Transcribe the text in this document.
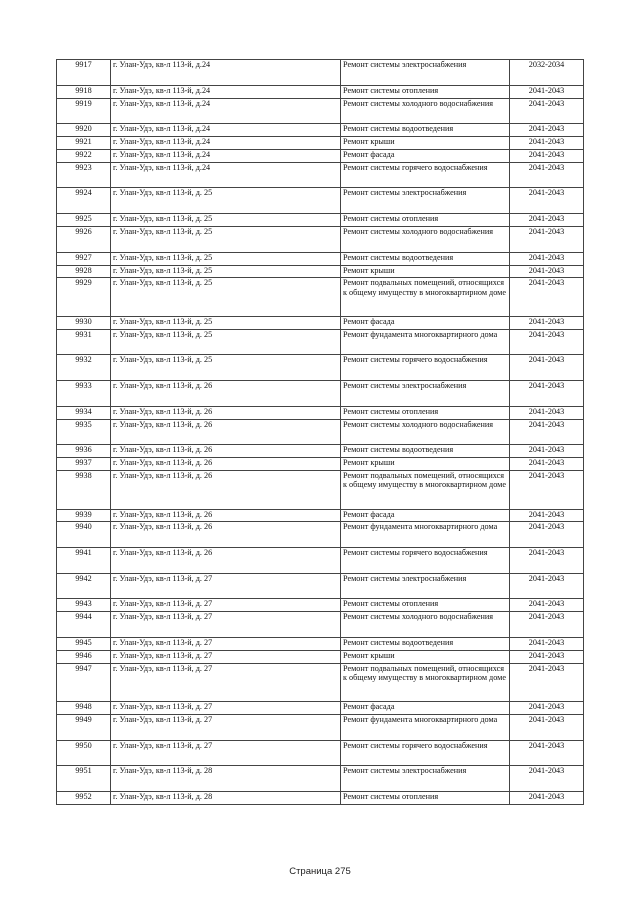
9917	г. Улан-Удэ, кв-л 113-й, д.24	Ремонт системы электроснабжения	2032-2034
9918	г. Улан-Удэ, кв-л 113-й, д.24	Ремонт системы отопления	2041-2043
9919	г. Улан-Удэ, кв-л 113-й, д.24	Ремонт системы холодного водоснабжения	2041-2043
9920	г. Улан-Удэ, кв-л 113-й, д.24	Ремонт системы водоотведения	2041-2043
9921	г. Улан-Удэ, кв-л 113-й, д.24	Ремонт крыши	2041-2043
9922	г. Улан-Удэ, кв-л 113-й, д.24	Ремонт фасада	2041-2043
9923	г. Улан-Удэ, кв-л 113-й, д.24	Ремонт системы горячего водоснабжения	2041-2043
9924	г. Улан-Удэ, кв-л 113-й, д. 25	Ремонт системы электроснабжения	2041-2043
9925	г. Улан-Удэ, кв-л 113-й, д. 25	Ремонт системы отопления	2041-2043
9926	г. Улан-Удэ, кв-л 113-й, д. 25	Ремонт системы холодного водоснабжения	2041-2043
9927	г. Улан-Удэ, кв-л 113-й, д. 25	Ремонт системы водоотведения	2041-2043
9928	г. Улан-Удэ, кв-л 113-й, д. 25	Ремонт крыши	2041-2043
9929	г. Улан-Удэ, кв-л 113-й, д. 25	Ремонт подвальных помещений, относящихся к общему имуществу в многоквартирном доме	2041-2043
9930	г. Улан-Удэ, кв-л 113-й, д. 25	Ремонт фасада	2041-2043
9931	г. Улан-Удэ, кв-л 113-й, д. 25	Ремонт фундамента многоквартирного дома	2041-2043
9932	г. Улан-Удэ, кв-л 113-й, д. 25	Ремонт системы горячего водоснабжения	2041-2043
9933	г. Улан-Удэ, кв-л 113-й, д. 26	Ремонт системы электроснабжения	2041-2043
9934	г. Улан-Удэ, кв-л 113-й, д. 26	Ремонт системы отопления	2041-2043
9935	г. Улан-Удэ, кв-л 113-й, д. 26	Ремонт системы холодного водоснабжения	2041-2043
9936	г. Улан-Удэ, кв-л 113-й, д. 26	Ремонт системы водоотведения	2041-2043
9937	г. Улан-Удэ, кв-л 113-й, д. 26	Ремонт крыши	2041-2043
9938	г. Улан-Удэ, кв-л 113-й, д. 26	Ремонт подвальных помещений, относящихся к общему имуществу в многоквартирном доме	2041-2043
9939	г. Улан-Удэ, кв-л 113-й, д. 26	Ремонт фасада	2041-2043
9940	г. Улан-Удэ, кв-л 113-й, д. 26	Ремонт фундамента многоквартирного дома	2041-2043
9941	г. Улан-Удэ, кв-л 113-й, д. 26	Ремонт системы горячего водоснабжения	2041-2043
9942	г. Улан-Удэ, кв-л 113-й, д. 27	Ремонт системы электроснабжения	2041-2043
9943	г. Улан-Удэ, кв-л 113-й, д. 27	Ремонт системы отопления	2041-2043
9944	г. Улан-Удэ, кв-л 113-й, д. 27	Ремонт системы холодного водоснабжения	2041-2043
9945	г. Улан-Удэ, кв-л 113-й, д. 27	Ремонт системы водоотведения	2041-2043
9946	г. Улан-Удэ, кв-л 113-й, д. 27	Ремонт крыши	2041-2043
9947	г. Улан-Удэ, кв-л 113-й, д. 27	Ремонт подвальных помещений, относящихся к общему имуществу в многоквартирном доме	2041-2043
9948	г. Улан-Удэ, кв-л 113-й, д. 27	Ремонт фасада	2041-2043
9949	г. Улан-Удэ, кв-л 113-й, д. 27	Ремонт фундамента многоквартирного дома	2041-2043
9950	г. Улан-Удэ, кв-л 113-й, д. 27	Ремонт системы горячего водоснабжения	2041-2043
9951	г. Улан-Удэ, кв-л 113-й, д. 28	Ремонт системы электроснабжения	2041-2043
9952	г. Улан-Удэ, кв-л 113-й, д. 28	Ремонт системы отопления	2041-2043
Страница 275
